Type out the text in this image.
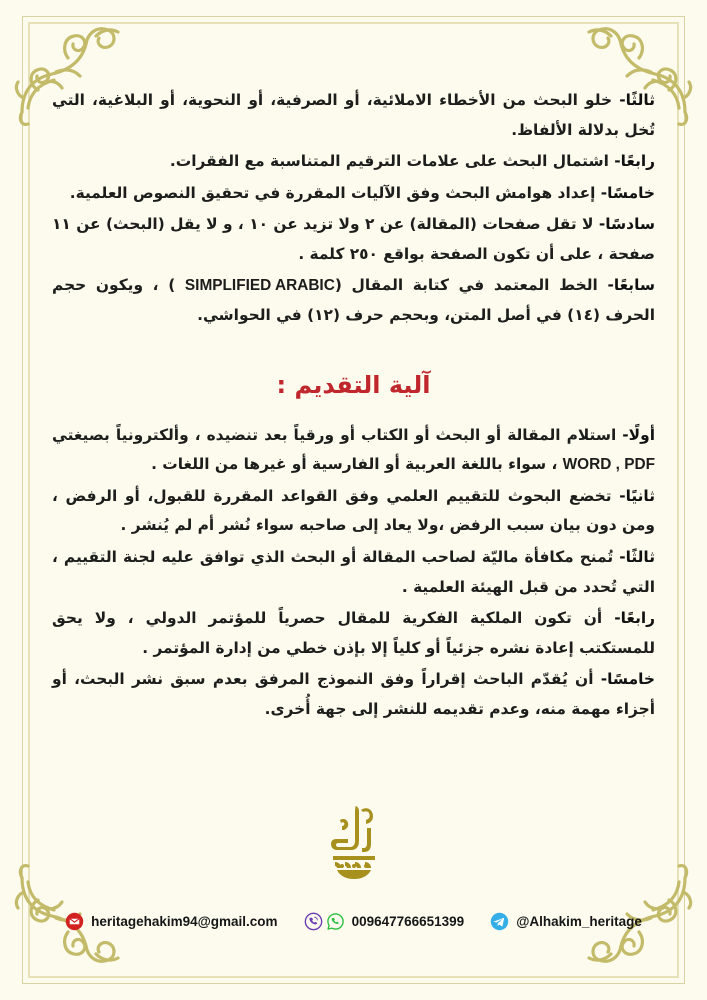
ثالثًا- خلو البحث من الأخطاء الاملائية، أو الصرفية، أو النحوية، أو البلاغية، التي تُخل بدلالة الألفاظ.

رابعًا- اشتمال البحث على علامات الترقيم المتناسبة مع الفقرات.

خامسًا- إعداد هوامش البحث وفق الآليات المقررة في تحقيق النصوص العلمية.

سادسًا- لا تقل صفحات (المقالة) عن ٢ ولا تزيد عن ١٠ ، و لا يقل (البحث) عن ١١ صفحة ، على أن تكون الصفحة بواقع ٢٥٠ كلمة .

سابعًا- الخط المعتمد في كتابة المقال (SIMPLIFIED ARABIC ) ، ويكون حجم الحرف (١٤) في أصل المتن، وبحجم حرف (١٢) في الحواشي.

آلية التقديم :

أولًا- استلام المقالة أو البحث أو الكتاب أو ورقياً بعد تنضيده ، وألكترونياً بصيغتي WORD , PDF ، سواء باللغة العربية أو الفارسية أو غيرها من اللغات .

ثانيًا- تخضع البحوث للتقييم العلمي وفق القواعد المقررة للقبول، أو الرفض ، ومن دون بيان سبب الرفض ،ولا يعاد إلى صاحبه سواء نُشر أم لم يُنشر .

ثالثًا- تُمنح مكافأة ماليّة لصاحب المقالة أو البحث الذي توافق عليه لجنة التقييم ، التي تُحدد من قبل الهيئة العلمية .

رابعًا- أن تكون الملكية الفكرية للمقال حصرياً للمؤتمر الدولي ، ولا يحق للمستكتب إعادة نشره جزئياً أو كلياً إلا بإذن خطي من إدارة المؤتمر .

خامسًا- أن يُقدّم الباحث إقراراً وفق النموذج المرفق بعدم سبق نشر البحث، أو أجزاء مهمة منه، وعدم تقديمه للنشر إلى جهة أُخرى.

heritagehakim94@gmail.com	009647766651399	@Alhakim_heritage
